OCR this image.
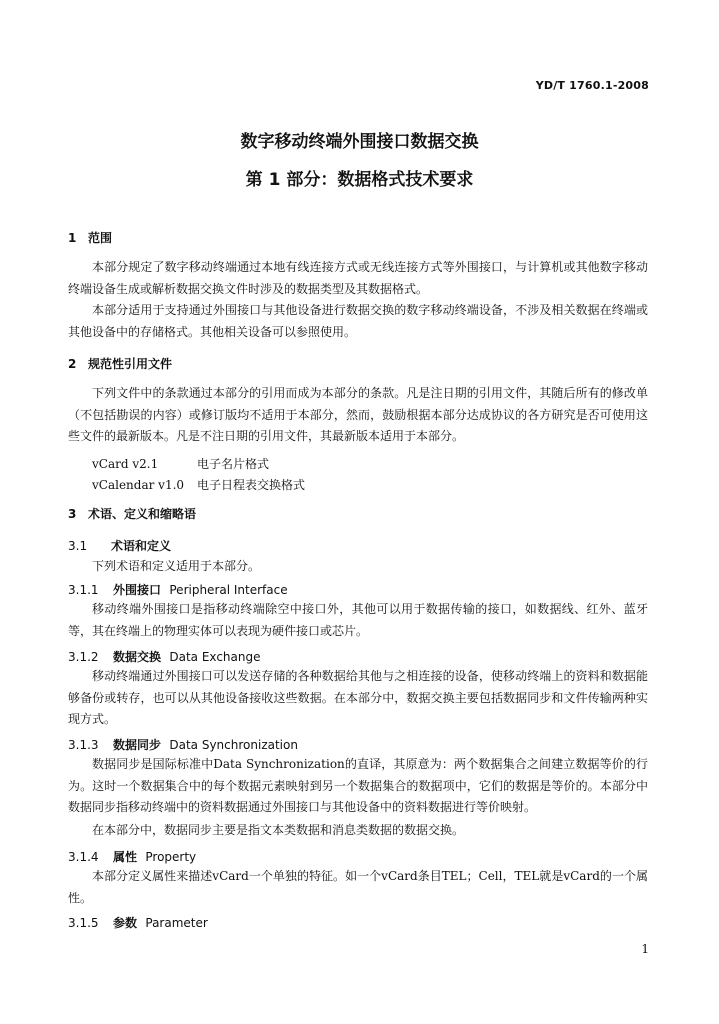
YD/T 1760.1-2008
数字移动终端外围接口数据交换
第 1 部分：数据格式技术要求
1 范围

本部分规定了数字移动终端通过本地有线连接方式或无线连接方式等外围接口，与计算机或其他数字移动终端设备生成或解析数据交换文件时涉及的数据类型及其数据格式。

本部分适用于支持通过外围接口与其他设备进行数据交换的数字移动终端设备，不涉及相关数据在终端或其他设备中的存储格式。其他相关设备可以参照使用。

2 规范性引用文件

下列文件中的条款通过本部分的引用而成为本部分的条款。凡是注日期的引用文件，其随后所有的修改单（不包括勘误的内容）或修订版均不适用于本部分，然而，鼓励根据本部分达成协议的各方研究是否可使用这些文件的最新版本。凡是不注日期的引用文件，其最新版本适用于本部分。

vCard v2.1	电子名片格式
vCalendar v1.0 电子日程表交换格式
3 术语、定义和缩略语
3.1 术语和定义

下列术语和定义适用于本部分。

3.1.1 外围接口 Peripheral Interface

移动终端外围接口是指移动终端除空中接口外，其他可以用于数据传输的接口，如数据线、红外、蓝牙等，其在终端上的物理实体可以表现为硬件接口或芯片。

3.1.2 数据交换 Data Exchange

移动终端通过外围接口可以发送存储的各种数据给其他与之相连接的设备，使移动终端上的资料和数据能够备份或转存，也可以从其他设备接收这些数据。在本部分中，数据交换主要包括数据同步和文件传输两种实现方式。

3.1.3 数据同步 Data Synchronization

数据同步是国际标准中Data Synchronization的直译，其原意为：两个数据集合之间建立数据等价的行为。这时一个数据集合中的每个数据元素映射到另一个数据集合的数据项中，它们的数据是等价的。本部分中数据同步指移动终端中的资料数据通过外围接口与其他设备中的资料数据进行等价映射。

在本部分中，数据同步主要是指文本类数据和消息类数据的数据交换。

3.1.4 属性 Property

本部分定义属性来描述vCard一个单独的特征。如一个vCard条目TEL；Cell，TEL就是vCard的一个属性。

3.1.5 参数 Parameter
1
